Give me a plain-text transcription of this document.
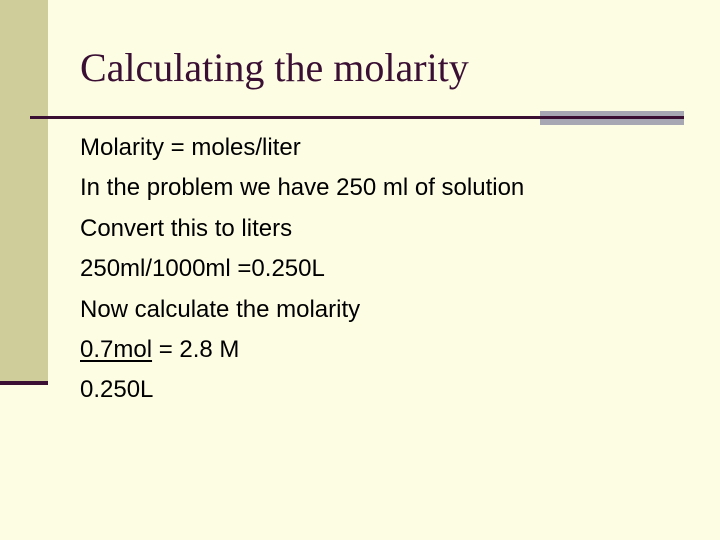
Calculating the molarity
Molarity = moles/liter
In the problem we have 250 ml of solution
Convert this to liters
250ml/1000ml =0.250L
Now calculate the molarity
0.7mol = 2.8 M
0.250L
